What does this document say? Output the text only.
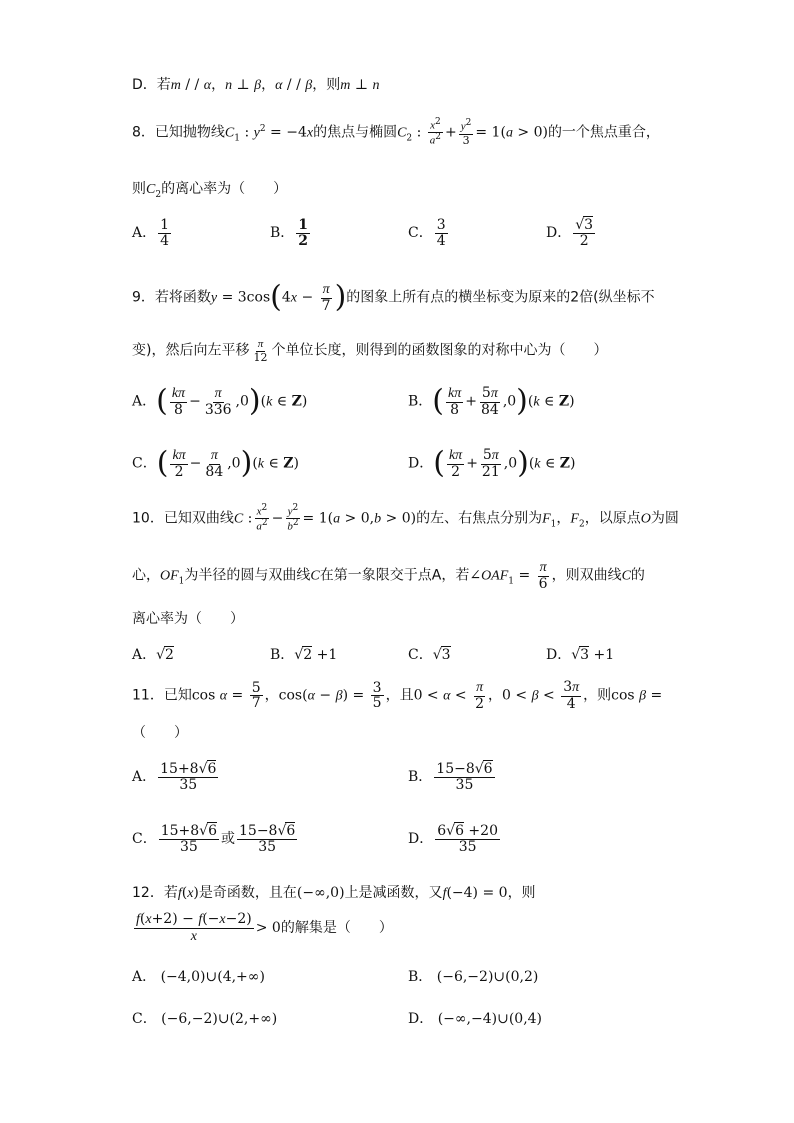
D．若m / / α，n ⊥ β，α / / β，则m ⊥ n
8．已知抛物线$C_1$ : $y^2 = -4x$的焦点与椭圆$C_2$ : $\frac{x^2}{a^2} + \frac{y^2}{3} = 1(a > 0)$的一个焦点重合，
则$C_2$的离心率为（　　）
A． $\frac{1}{4}$	B． $\frac{1}{2}$	C． $\frac{3}{4}$	D． $\frac{√3}{2}$
9．若将函数$y = 3\cos(4x - \frac{\pi}{7}$ )的图象上所有点的横坐标变为原来的2倍(纵坐标不
变)，然后向左平移 $\frac{\pi}{12}$ 个单位长度，则得到的函数图象的对称中心为（　　）
A．( $\frac{k\pi}{8} - \frac{\pi}{336} ,0)(k$ ∈ Z)	B．( $\frac{k\pi}{8} + \frac{5\pi}{84} ,0)(k$ ∈ Z)
C．( $\frac{k\pi}{2} - \frac{\pi}{84} ,0)(k$ ∈ Z)	D．( $\frac{k\pi}{2} + \frac{5\pi}{21} ,0)(k$ ∈ Z)
10．已知双曲线C : $\frac{x^2}{a^2} - \frac{y^2}{b^2} = 1(a > 0,b > 0)$的左、右焦点分别为$F_1$，$F_2$，以原点O为圆
心，$OF_1$为半径的圆与双曲线C在第一象限交于点A，若$\angle OAF_1 = \frac{\pi}{6}$ ，则双曲线C的
离心率为（　　）
A．√2	B．√2 +1	C．√3	D．√3 +1
11．已知$\cos \alpha = \frac{5}{7}$ ，$\cos(\alpha - \beta) = \frac{3}{5}$ ，且$0 < \alpha < \frac{\pi}{2}$ ，$0 < \beta < \frac{3\pi}{4}$ ，则cos β =
（　　）
A． $\frac{15+8√6}{35}$	B． $\frac{15-8√6}{35}$
C． $\frac{15+8√6}{35}$ 或 $\frac{15-8√6}{35}$	D． $\frac{6√6 +20}{35}$
12．若f(x)是奇函数，且在(−∞,0)上是减函数，又f(−4) = 0，则
$\frac{f(x+2) - f(-x-2)}{x} > 0$的解集是（　　）
A． (−4,0)∪(4,+∞)	B． (−6,−2)∪(0,2)
C． (−6,−2)∪(2,+∞)	D． (−∞,−4)∪(0,4)
